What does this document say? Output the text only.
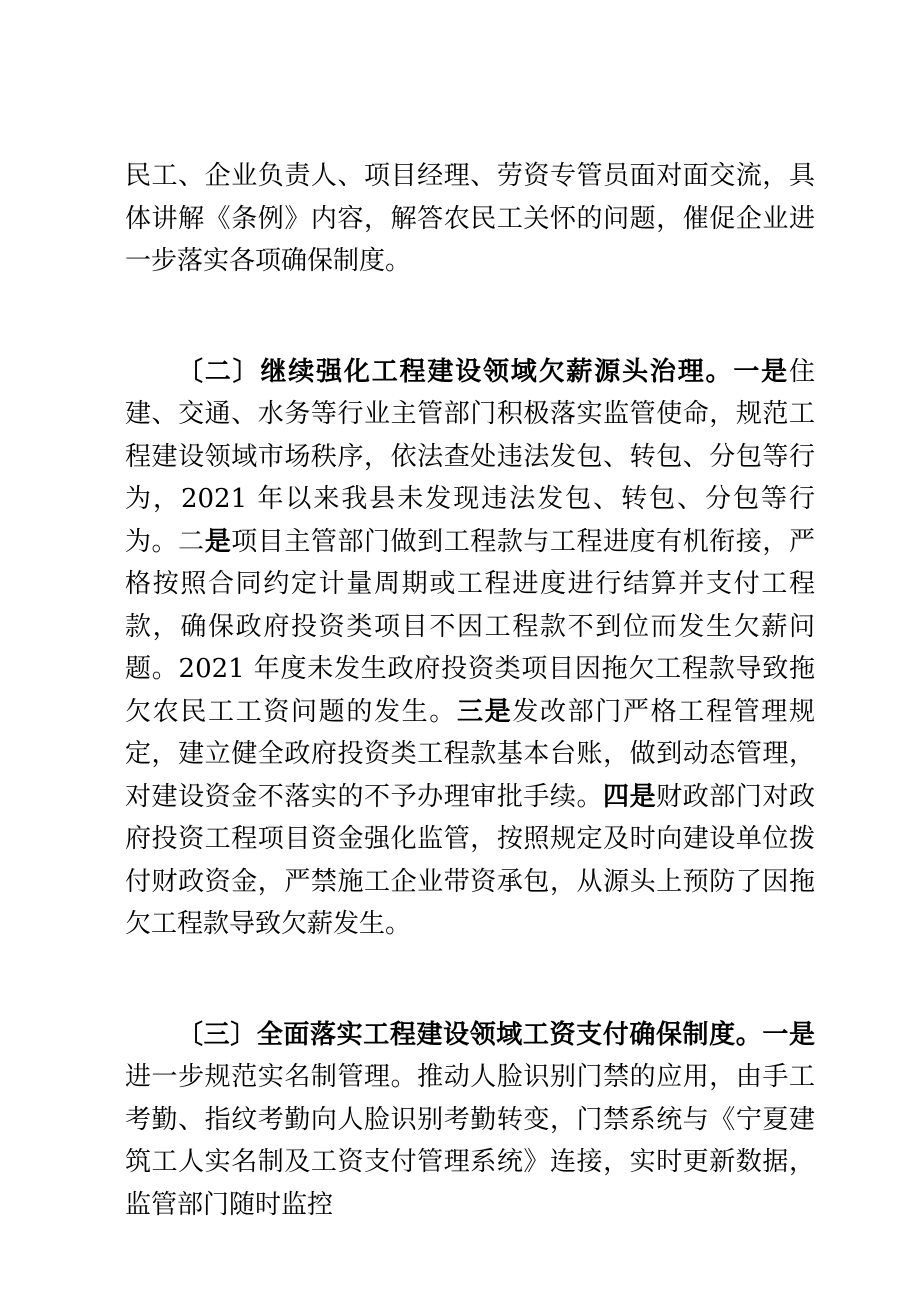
民工、企业负责人、项目经理、劳资专管员面对面交流，具体讲解《条例》内容，解答农民工关怀的问题，催促企业进一步落实各项确保制度。

〔二〕继续强化工程建设领域欠薪源头治理。一是住建、交通、水务等行业主管部门积极落实监管使命，规范工程建设领域市场秩序，依法查处违法发包、转包、分包等行为，2021 年以来我县未发现违法发包、转包、分包等行为。二是项目主管部门做到工程款与工程进度有机衔接，严格按照合同约定计量周期或工程进度进行结算并支付工程款，确保政府投资类项目不因工程款不到位而发生欠薪问题。2021 年度未发生政府投资类项目因拖欠工程款导致拖欠农民工工资问题的发生。三是发改部门严格工程管理规定，建立健全政府投资类工程款基本台账，做到动态管理，对建设资金不落实的不予办理审批手续。四是财政部门对政府投资工程项目资金强化监管，按照规定及时向建设单位拨付财政资金，严禁施工企业带资承包，从源头上预防了因拖欠工程款导致欠薪发生。

〔三〕全面落实工程建设领域工资支付确保制度。一是进一步规范实名制管理。推动人脸识别门禁的应用，由手工考勤、指纹考勤向人脸识别考勤转变，门禁系统与《宁夏建筑工人实名制及工资支付管理系统》连接，实时更新数据，监管部门随时监控
